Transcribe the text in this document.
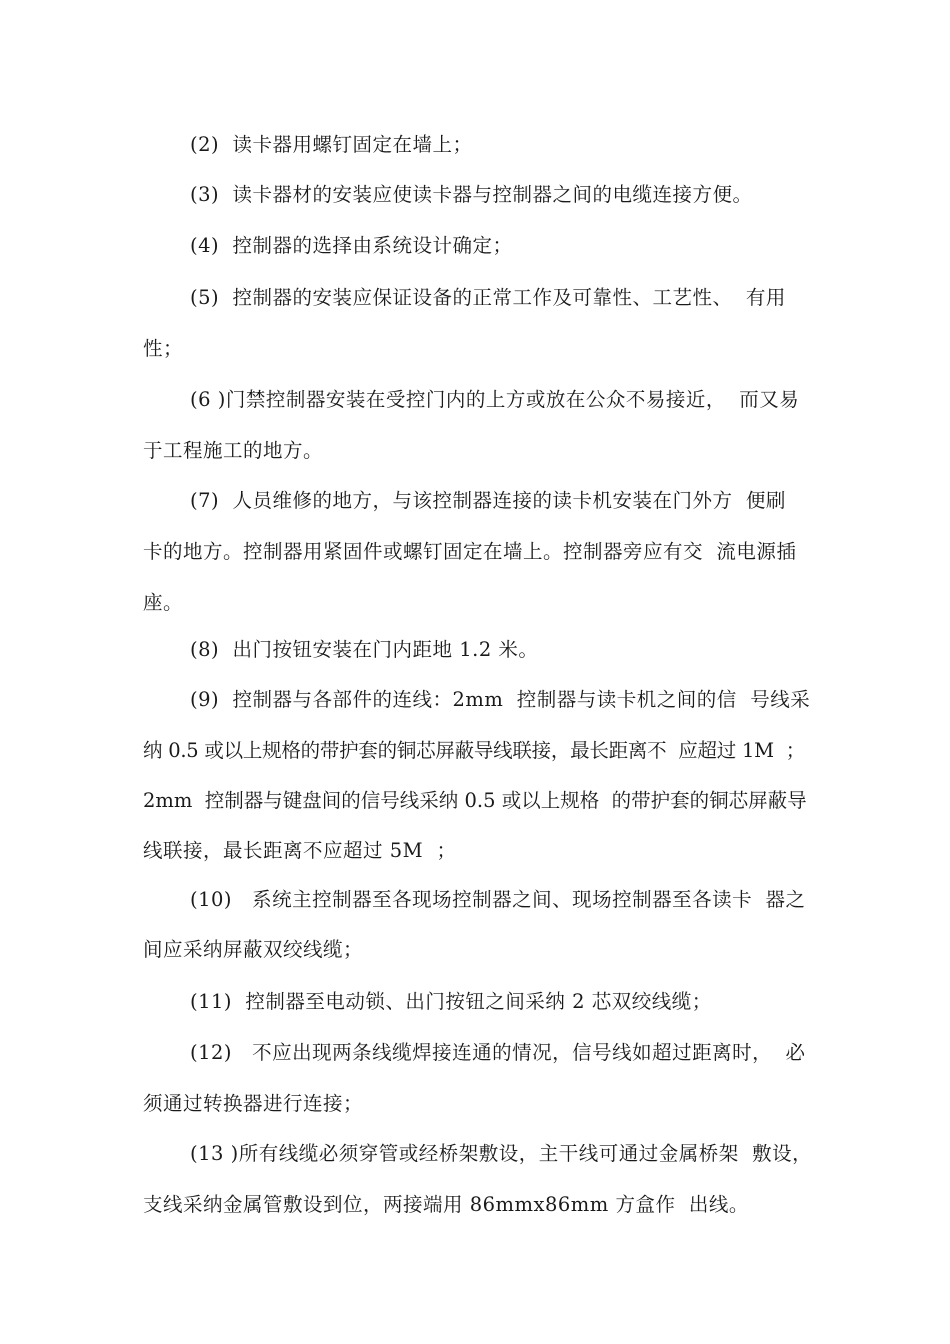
(2)  读卡器用螺钉固定在墙上；
(3)  读卡器材的安装应使读卡器与控制器之间的电缆连接方便。
(4)  控制器的选择由系统设计确定；
(5)  控制器的安装应保证设备的正常工作及可靠性、工艺性、  有用
性；
(6 )门禁控制器安装在受控门内的上方或放在公众不易接近，  而又易
于工程施工的地方。
(7)  人员维修的地方，与该控制器连接的读卡机安装在门外方  便刷
卡的地方。控制器用紧固件或螺钉固定在墙上。控制器旁应有交  流电源插
座。
(8)  出门按钮安装在门内距地 1.2 米。
(9)  控制器与各部件的连线：2mm  控制器与读卡机之间的信  号线采
纳 0.5 或以上规格的带护套的铜芯屏蔽导线联接，最长距离不  应超过 1M  ；
2mm  控制器与键盘间的信号线采纳 0.5 或以上规格  的带护套的铜芯屏蔽导
线联接，最长距离不应超过 5M  ；
(10)   系统主控制器至各现场控制器之间、现场控制器至各读卡  器之
间应采纳屏蔽双绞线缆；
(11)  控制器至电动锁、出门按钮之间采纳 2 芯双绞线缆；
(12)   不应出现两条线缆焊接连通的情况，信号线如超过距离时，  必
须通过转换器进行连接；
(13 )所有线缆必须穿管或经桥架敷设，主干线可通过金属桥架  敷设，
支线采纳金属管敷设到位，两接端用 86mmx86mm 方盒作  出线。
